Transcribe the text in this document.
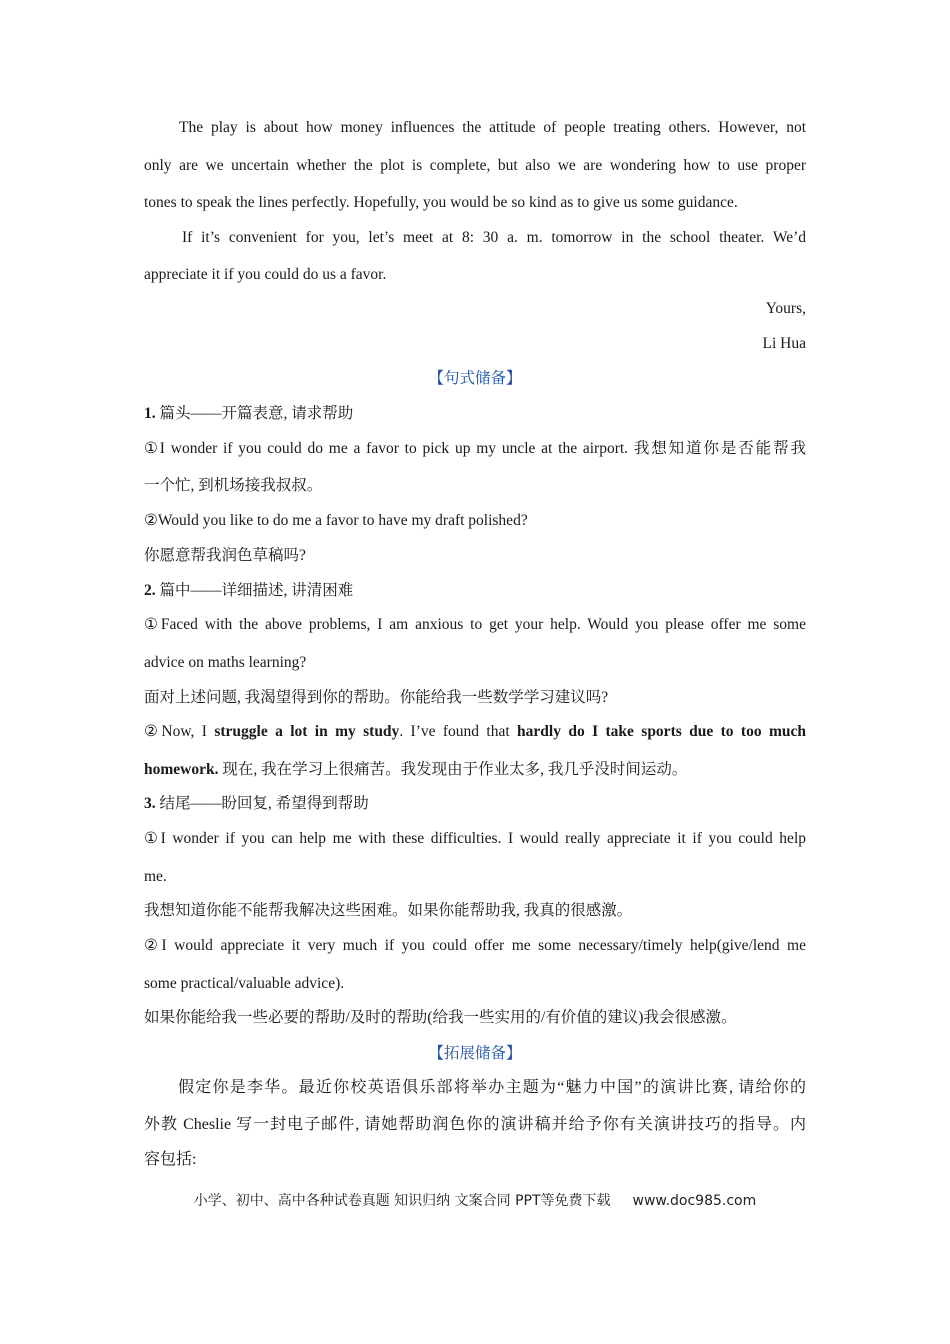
The play is about how money influences the attitude of people treating others. However, not
only are we uncertain whether the plot is complete, but also we are wondering how to use proper
tones to speak the lines perfectly. Hopefully, you would be so kind as to give us some guidance.
If it’s convenient for you, let’s meet at 8: 30 a. m. tomorrow in the school theater. We’d
appreciate it if you could do us a favor.
Yours,
Li Hua
【句式储备】
1. 篇头——开篇表意, 请求帮助
①I wonder if you could do me a favor to pick up my uncle at the airport. 我想知道你是否能帮我
一个忙, 到机场接我叔叔。
②Would you like to do me a favor to have my draft polished?
你愿意帮我润色草稿吗?
2. 篇中——详细描述, 讲清困难
①Faced with the above problems, I am anxious to get your help. Would you please offer me some
advice on maths learning?
面对上述问题, 我渴望得到你的帮助。你能给我一些数学学习建议吗?
②Now, I struggle a lot in my study. I’ve found that hardly do I take sports due to too much
homework. 现在, 我在学习上很痛苦。我发现由于作业太多, 我几乎没时间运动。
3. 结尾——盼回复, 希望得到帮助
①I wonder if you can help me with these difficulties. I would really appreciate it if you could help
me.
我想知道你能不能帮我解决这些困难。如果你能帮助我, 我真的很感激。
②I would appreciate it very much if you could offer me some necessary/timely help(give/lend me
some practical/valuable advice).
如果你能给我一些必要的帮助/及时的帮助(给我一些实用的/有价值的建议)我会很感激。
【拓展储备】
假定你是李华。最近你校英语俱乐部将举办主题为“魅力中国”的演讲比赛, 请给你的
外教 Cheslie 写一封电子邮件, 请她帮助润色你的演讲稿并给予你有关演讲技巧的指导。内
容包括:
小学、初中、高中各种试卷真题 知识归纳 文案合同 PPT等免费下载 www.doc985.com
